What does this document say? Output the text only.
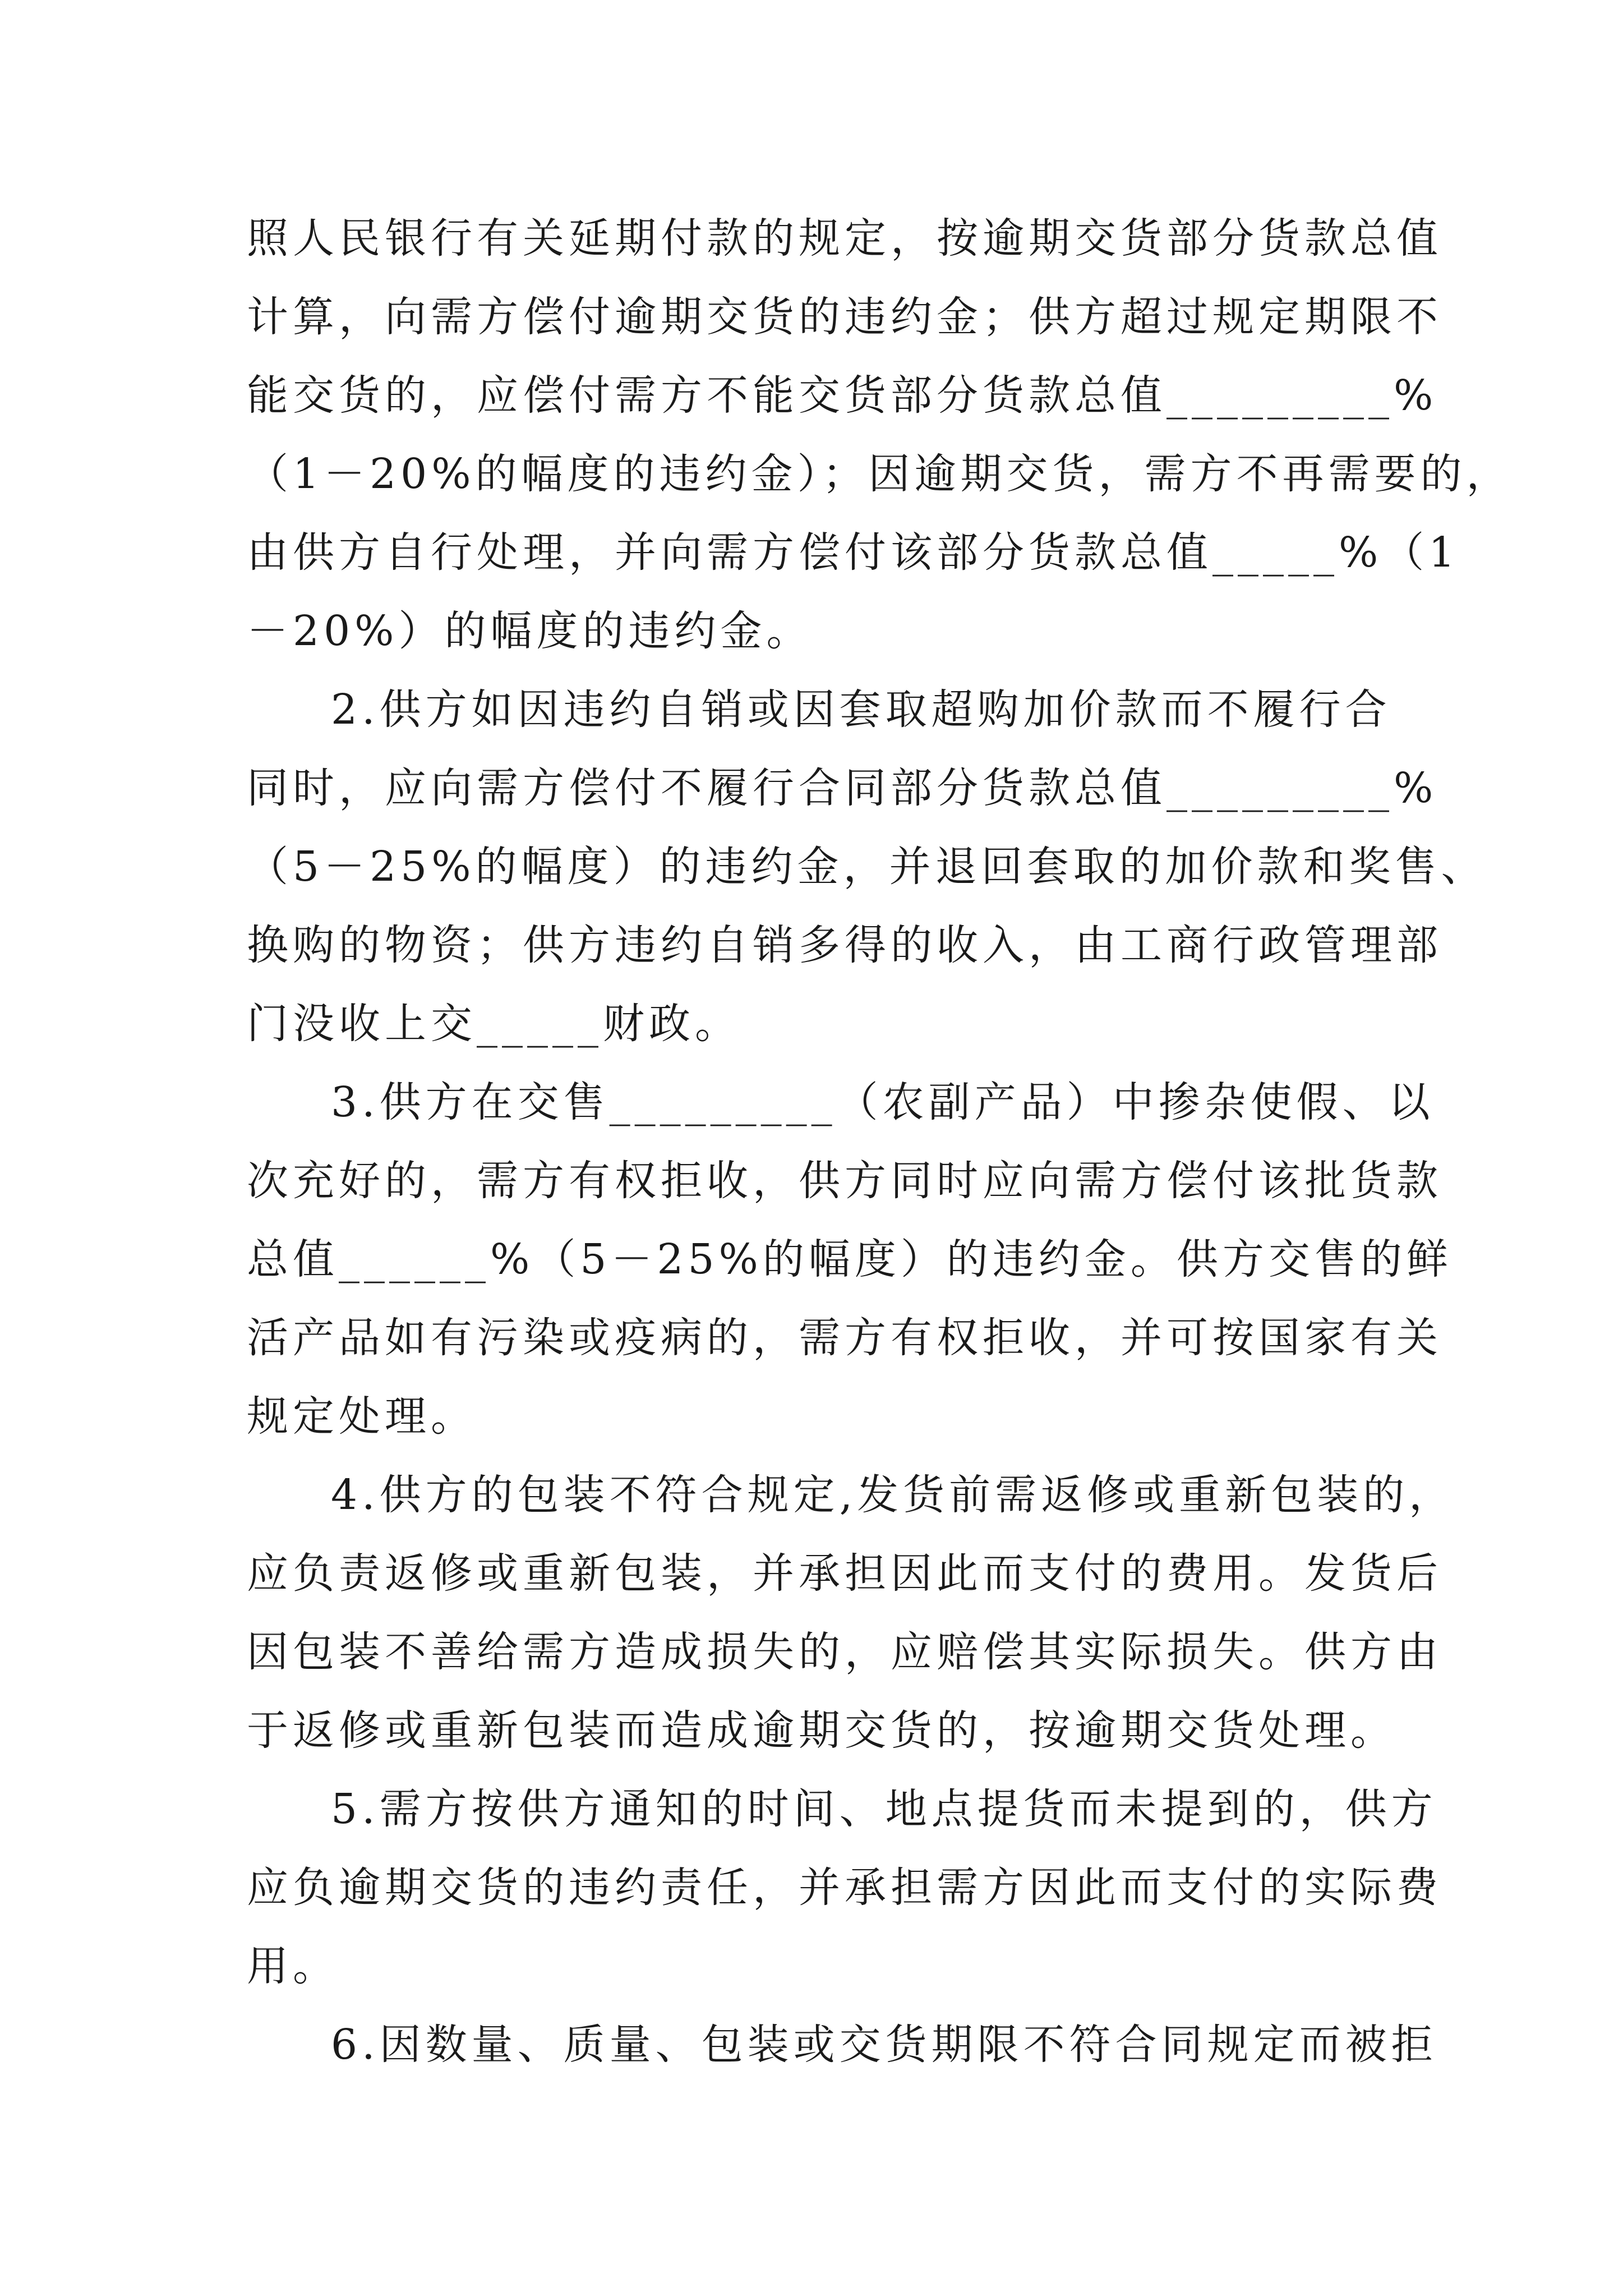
照人民银行有关延期付款的规定，按逾期交货部分货款总值
计算，向需方偿付逾期交货的违约金；供方超过规定期限不
能交货的，应偿付需方不能交货部分货款总值_________%
（1－20%的幅度的违约金）；因逾期交货，需方不再需要的，
由供方自行处理，并向需方偿付该部分货款总值_____%（1
－20%）的幅度的违约金。
2.供方如因违约自销或因套取超购加价款而不履行合
同时，应向需方偿付不履行合同部分货款总值_________%
（5－25%的幅度）的违约金，并退回套取的加价款和奖售、
换购的物资；供方违约自销多得的收入，由工商行政管理部
门没收上交_____财政。
3.供方在交售_________（农副产品）中掺杂使假、以
次充好的，需方有权拒收，供方同时应向需方偿付该批货款
总值______%（5－25%的幅度）的违约金。供方交售的鲜
活产品如有污染或疫病的，需方有权拒收，并可按国家有关
规定处理。
4.供方的包装不符合规定,发货前需返修或重新包装的，
应负责返修或重新包装，并承担因此而支付的费用。发货后
因包装不善给需方造成损失的，应赔偿其实际损失。供方由
于返修或重新包装而造成逾期交货的，按逾期交货处理。
5.需方按供方通知的时间、地点提货而未提到的，供方
应负逾期交货的违约责任，并承担需方因此而支付的实际费
用。
6.因数量、质量、包装或交货期限不符合同规定而被拒
